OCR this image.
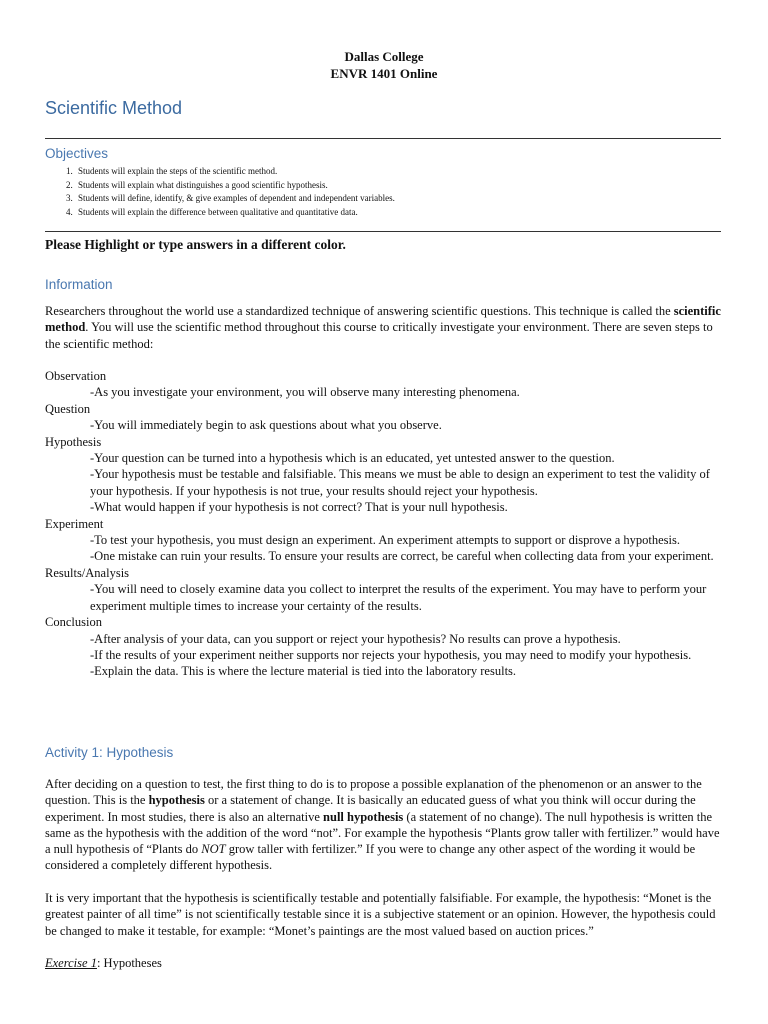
Dallas College
ENVR 1401 Online
Scientific Method
Objectives
1. Students will explain the steps of the scientific method.
2. Students will explain what distinguishes a good scientific hypothesis.
3. Students will define, identify, & give examples of dependent and independent variables.
4. Students will explain the difference between qualitative and quantitative data.
Please Highlight or type answers in a different color.
Information

Researchers throughout the world use a standardized technique of answering scientific questions. This technique is called the scientific method. You will use the scientific method throughout this course to critically investigate your environment. There are seven steps to the scientific method:

Observation

-As you investigate your environment, you will observe many interesting phenomena.

Question

-You will immediately begin to ask questions about what you observe.

Hypothesis

-Your question can be turned into a hypothesis which is an educated, yet untested answer to the question.

-Your hypothesis must be testable and falsifiable. This means we must be able to design an experiment to test the validity of your hypothesis. If your hypothesis is not true, your results should reject your hypothesis.

-What would happen if your hypothesis is not correct? That is your null hypothesis.

Experiment

-To test your hypothesis, you must design an experiment. An experiment attempts to support or disprove a hypothesis.

-One mistake can ruin your results. To ensure your results are correct, be careful when collecting data from your experiment.

Results/Analysis

-You will need to closely examine data you collect to interpret the results of the experiment. You may have to perform your experiment multiple times to increase your certainty of the results.

Conclusion

-After analysis of your data, can you support or reject your hypothesis? No results can prove a hypothesis.

-If the results of your experiment neither supports nor rejects your hypothesis, you may need to modify your hypothesis.

-Explain the data. This is where the lecture material is tied into the laboratory results.

Activity 1: Hypothesis

After deciding on a question to test, the first thing to do is to propose a possible explanation of the phenomenon or an answer to the question. This is the hypothesis or a statement of change. It is basically an educated guess of what you think will occur during the experiment. In most studies, there is also an alternative null hypothesis (a statement of no change). The null hypothesis is written the same as the hypothesis with the addition of the word “not”. For example the hypothesis “Plants grow taller with fertilizer.” would have a null hypothesis of “Plants do NOT grow taller with fertilizer.” If you were to change any other aspect of the wording it would be considered a completely different hypothesis.

It is very important that the hypothesis is scientifically testable and potentially falsifiable. For example, the hypothesis: “Monet is the greatest painter of all time” is not scientifically testable since it is a subjective statement or an opinion. However, the hypothesis could be changed to make it testable, for example: “Monet’s paintings are the most valued based on auction prices.”

Exercise 1: Hypotheses
